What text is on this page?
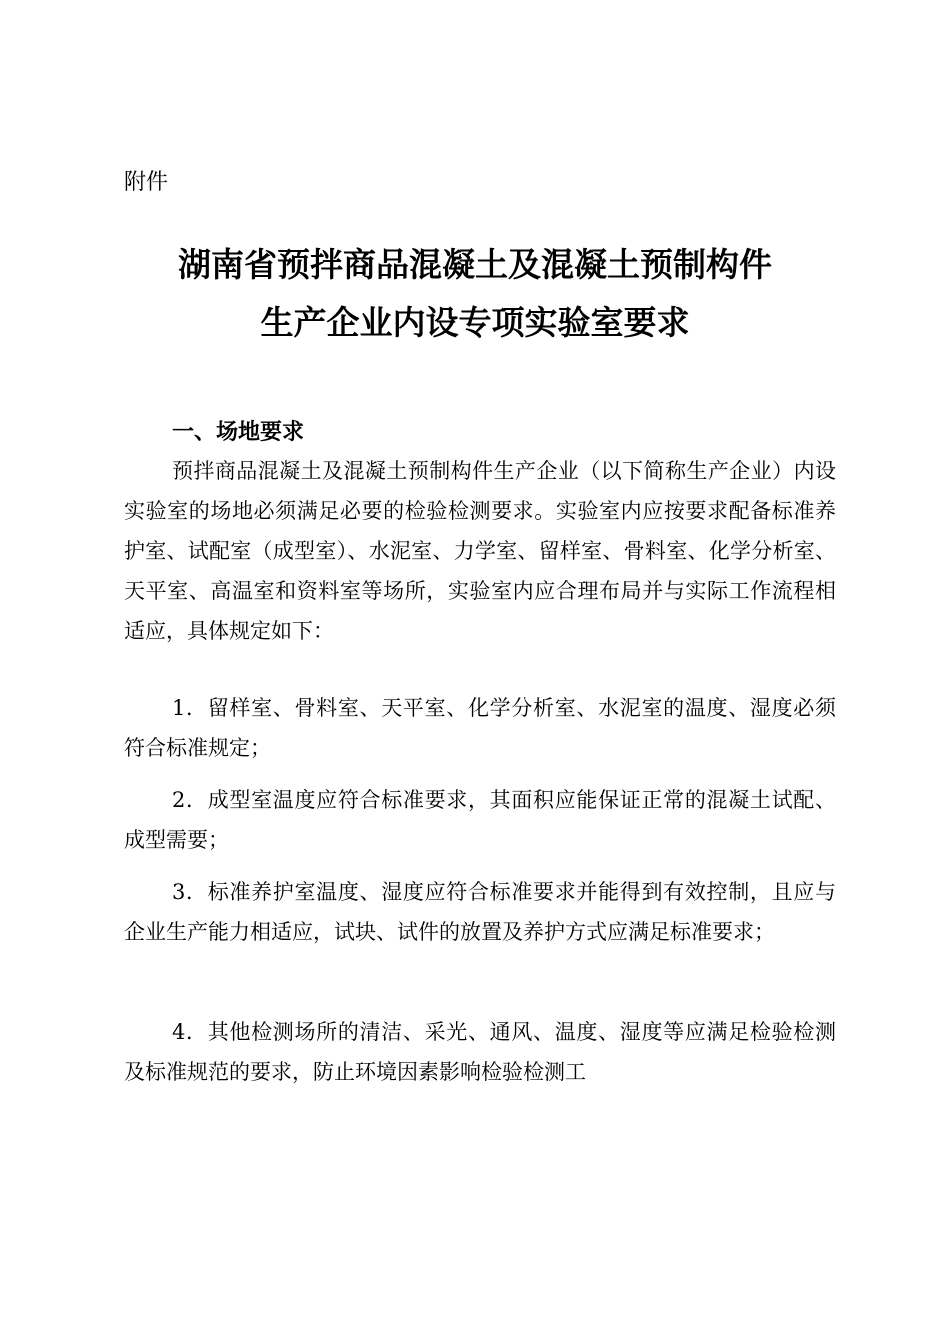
附件

湖南省预拌商品混凝土及混凝土预制构件
生产企业内设专项实验室要求
一、场地要求

预拌商品混凝土及混凝土预制构件生产企业（以下简称生产企业）内设实验室的场地必须满足必要的检验检测要求。实验室内应按要求配备标准养护室、试配室（成型室）、水泥室、力学室、留样室、骨料室、化学分析室、天平室、高温室和资料室等场所，实验室内应合理布局并与实际工作流程相适应，具体规定如下：

1．留样室、骨料室、天平室、化学分析室、水泥室的温度、湿度必须符合标准规定；

2．成型室温度应符合标准要求，其面积应能保证正常的混凝土试配、成型需要；

3．标准养护室温度、湿度应符合标准要求并能得到有效控制，且应与企业生产能力相适应，试块、试件的放置及养护方式应满足标准要求；

4．其他检测场所的清洁、采光、通风、温度、湿度等应满足检验检测及标准规范的要求，防止环境因素影响检验检测工
